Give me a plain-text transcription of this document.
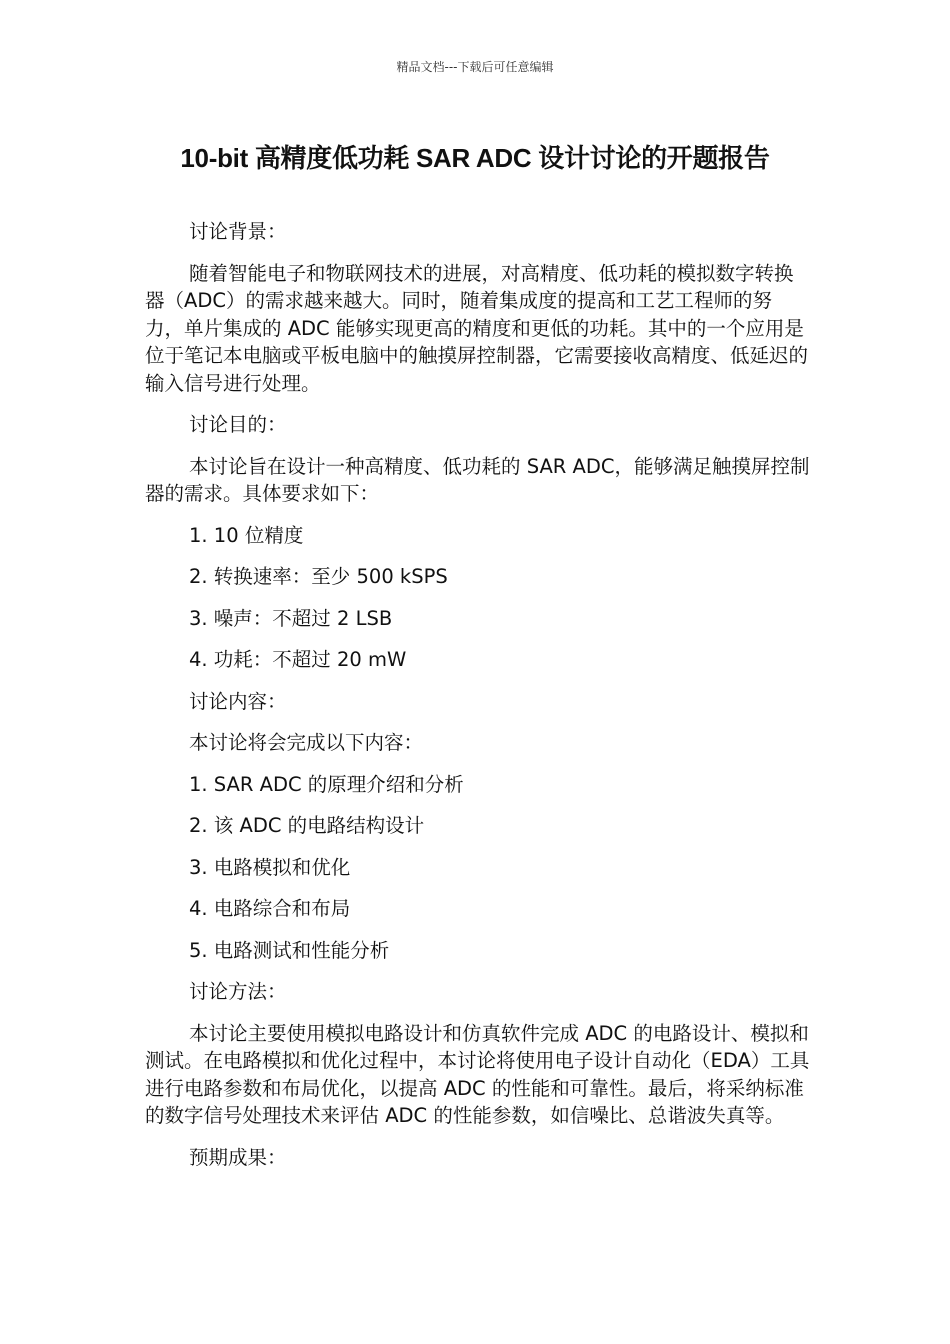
精品文档---下载后可任意编辑
10-bit 高精度低功耗 SAR ADC 设计讨论的开题报告

讨论背景：

随着智能电子和物联网技术的进展，对高精度、低功耗的模拟数字转换器（ADC）的需求越来越大。同时，随着集成度的提高和工艺工程师的努力，单片集成的 ADC 能够实现更高的精度和更低的功耗。其中的一个应用是位于笔记本电脑或平板电脑中的触摸屏控制器，它需要接收高精度、低延迟的输入信号进行处理。

讨论目的：

本讨论旨在设计一种高精度、低功耗的 SAR ADC，能够满足触摸屏控制器的需求。具体要求如下：

1. 10 位精度

2. 转换速率：至少 500 kSPS

3. 噪声：不超过 2 LSB

4. 功耗：不超过 20 mW

讨论内容：

本讨论将会完成以下内容：

1. SAR ADC 的原理介绍和分析

2. 该 ADC 的电路结构设计

3. 电路模拟和优化

4. 电路综合和布局

5. 电路测试和性能分析

讨论方法：

本讨论主要使用模拟电路设计和仿真软件完成 ADC 的电路设计、模拟和测试。在电路模拟和优化过程中，本讨论将使用电子设计自动化（EDA）工具进行电路参数和布局优化，以提高 ADC 的性能和可靠性。最后，将采纳标准的数字信号处理技术来评估 ADC 的性能参数，如信噪比、总谐波失真等。

预期成果：
